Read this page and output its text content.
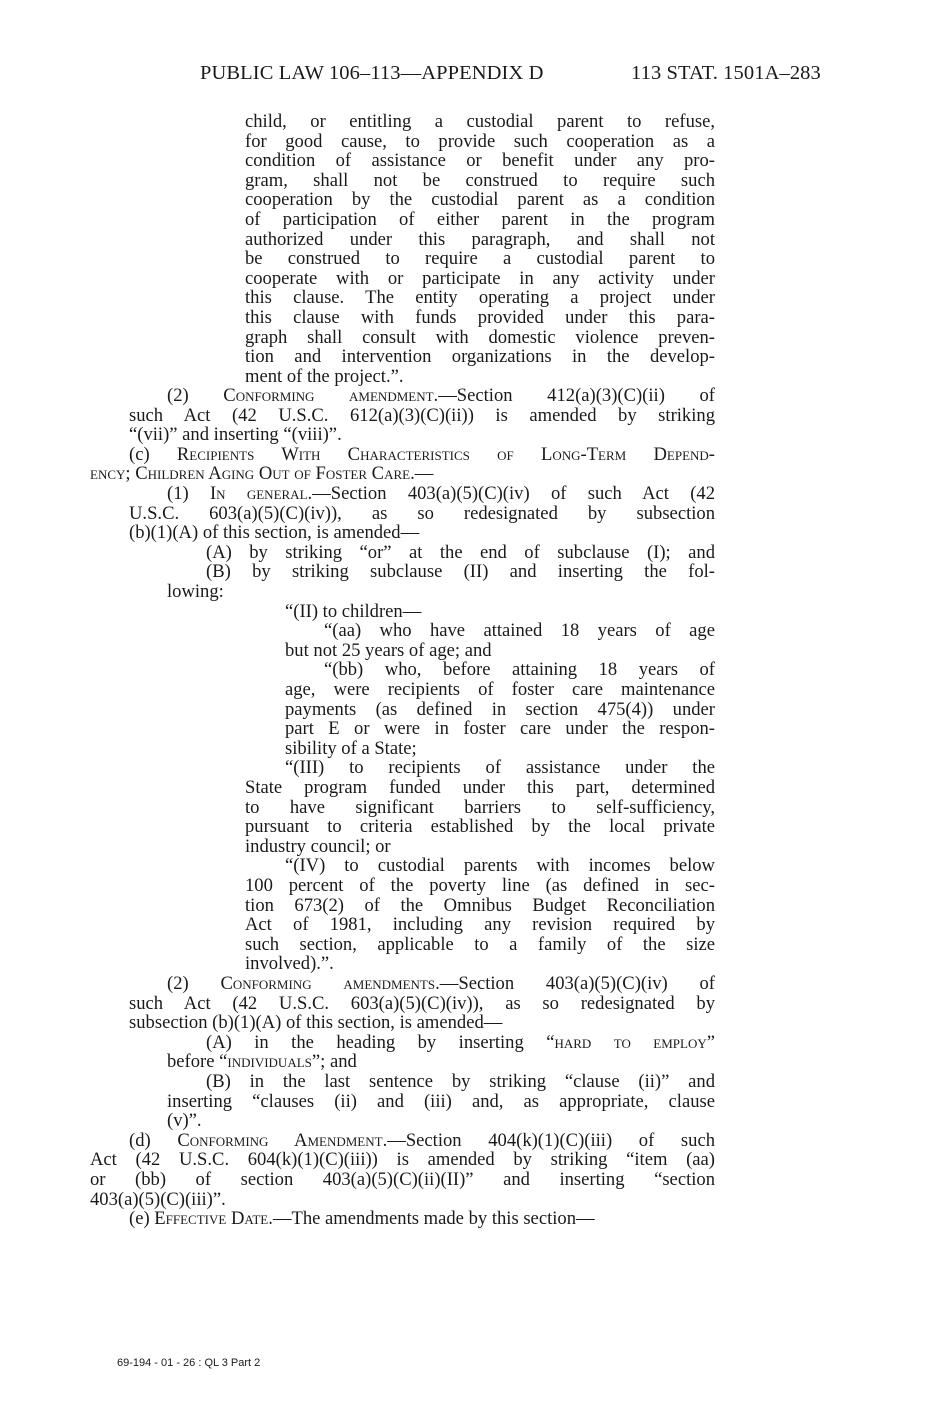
PUBLIC LAW 106–113—APPENDIX D	113 STAT. 1501A–283
child, or entitling a custodial parent to refuse,
for good cause, to provide such cooperation as a
condition of assistance or benefit under any pro-
gram, shall not be construed to require such
cooperation by the custodial parent as a condition
of participation of either parent in the program
authorized under this paragraph, and shall not
be construed to require a custodial parent to
cooperate with or participate in any activity under
this clause. The entity operating a project under
this clause with funds provided under this para-
graph shall consult with domestic violence preven-
tion and intervention organizations in the develop-
ment of the project.”.
(2) Conforming amendment.—Section 412(a)(3)(C)(ii) of
such Act (42 U.S.C. 612(a)(3)(C)(ii)) is amended by striking
“(vii)” and inserting “(viii)”.
(c) Recipients With Characteristics of Long-Term Depend-
ency; Children Aging Out of Foster Care.—
(1) In general.—Section 403(a)(5)(C)(iv) of such Act (42
U.S.C. 603(a)(5)(C)(iv)), as so redesignated by subsection
(b)(1)(A) of this section, is amended—
(A) by striking “or” at the end of subclause (I); and
(B) by striking subclause (II) and inserting the fol-
lowing:
“(II) to children—
“(aa) who have attained 18 years of age
but not 25 years of age; and
“(bb) who, before attaining 18 years of
age, were recipients of foster care maintenance
payments (as defined in section 475(4)) under
part E or were in foster care under the respon-
sibility of a State;
“(III) to recipients of assistance under the
State program funded under this part, determined
to have significant barriers to self-sufficiency,
pursuant to criteria established by the local private
industry council; or
“(IV) to custodial parents with incomes below
100 percent of the poverty line (as defined in sec-
tion 673(2) of the Omnibus Budget Reconciliation
Act of 1981, including any revision required by
such section, applicable to a family of the size
involved).”.
(2) Conforming amendments.—Section 403(a)(5)(C)(iv) of
such Act (42 U.S.C. 603(a)(5)(C)(iv)), as so redesignated by
subsection (b)(1)(A) of this section, is amended—
(A) in the heading by inserting “hard to employ”
before “individuals”; and
(B) in the last sentence by striking “clause (ii)” and
inserting “clauses (ii) and (iii) and, as appropriate, clause
(v)”.
(d) Conforming Amendment.—Section 404(k)(1)(C)(iii) of such
Act (42 U.S.C. 604(k)(1)(C)(iii)) is amended by striking “item (aa)
or (bb) of section 403(a)(5)(C)(ii)(II)” and inserting “section
403(a)(5)(C)(iii)”.
(e) Effective Date.—The amendments made by this section—
69-194 - 01 - 26 : QL 3 Part 2
